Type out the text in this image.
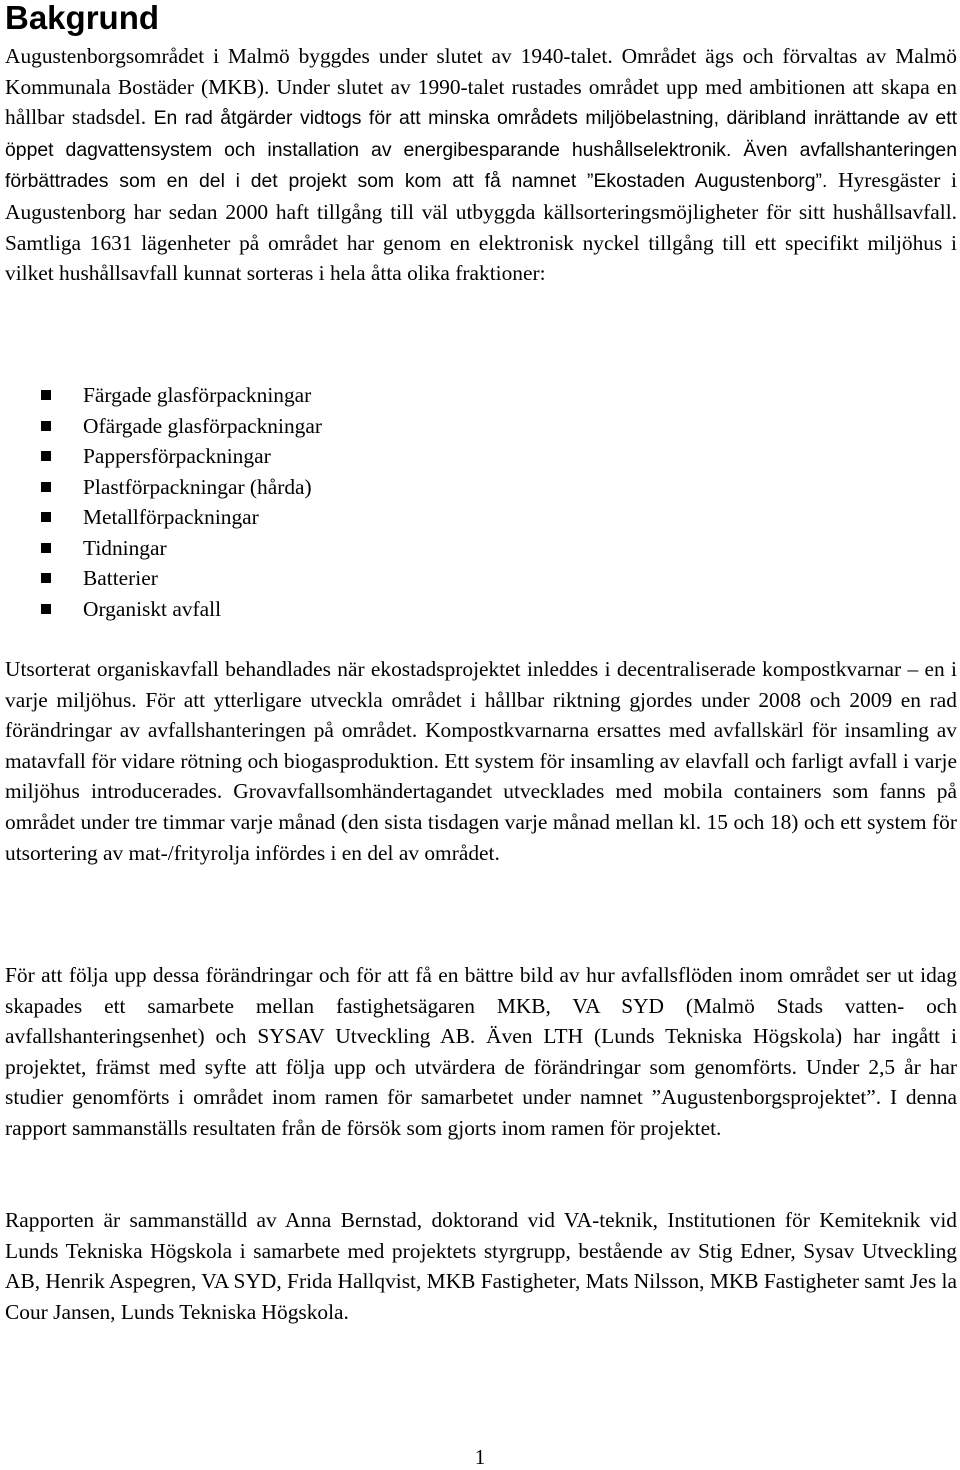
Bakgrund

Augustenborgsområdet i Malmö byggdes under slutet av 1940-talet. Området ägs och förvaltas av Malmö Kommunala Bostäder (MKB). Under slutet av 1990-talet rustades området upp med ambitionen att skapa en hållbar stadsdel. En rad åtgärder vidtogs för att minska områdets miljöbelastning, däribland inrättande av ett öppet dagvattensystem och installation av energibesparande hushållselektronik. Även avfallshanteringen förbättrades som en del i det projekt som kom att få namnet ”Ekostaden Augustenborg”. Hyresgäster i Augustenborg har sedan 2000 haft tillgång till väl utbyggda källsorteringsmöjligheter för sitt hushållsavfall. Samtliga 1631 lägenheter på området har genom en elektronisk nyckel tillgång till ett specifikt miljöhus i vilket hushållsavfall kunnat sorteras i hela åtta olika fraktioner:

Färgade glasförpackningar
Ofärgade glasförpackningar
Pappersförpackningar
Plastförpackningar (hårda)
Metallförpackningar
Tidningar
Batterier
Organiskt avfall

Utsorterat organiskavfall behandlades när ekostadsprojektet inleddes i decentraliserade kompostkvarnar – en i varje miljöhus. För att ytterligare utveckla området i hållbar riktning gjordes under 2008 och 2009 en rad förändringar av avfallshanteringen på området. Kompostkvarnarna ersattes med avfallskärl för insamling av matavfall för vidare rötning och biogasproduktion. Ett system för insamling av elavfall och farligt avfall i varje miljöhus introducerades. Grovavfallsomhändertagandet utvecklades med mobila containers som fanns på området under tre timmar varje månad (den sista tisdagen varje månad mellan kl. 15 och 18) och ett system för utsortering av mat-/frityrolja infördes i en del av området.

För att följa upp dessa förändringar och för att få en bättre bild av hur avfallsflöden inom området ser ut idag skapades ett samarbete mellan fastighetsägaren MKB, VA SYD (Malmö Stads vatten- och avfallshanteringsenhet) och SYSAV Utveckling AB. Även LTH (Lunds Tekniska Högskola) har ingått i projektet, främst med syfte att följa upp och utvärdera de förändringar som genomförts. Under 2,5 år har studier genomförts i området inom ramen för samarbetet under namnet ”Augustenborgsprojektet”. I denna rapport sammanställs resultaten från de försök som gjorts inom ramen för projektet.

Rapporten är sammanställd av Anna Bernstad, doktorand vid VA-teknik, Institutionen för Kemiteknik vid Lunds Tekniska Högskola i samarbete med projektets styrgrupp, bestående av Stig Edner, Sysav Utveckling AB, Henrik Aspegren, VA SYD, Frida Hallqvist, MKB Fastigheter, Mats Nilsson, MKB Fastigheter samt Jes la Cour Jansen, Lunds Tekniska Högskola.

1
